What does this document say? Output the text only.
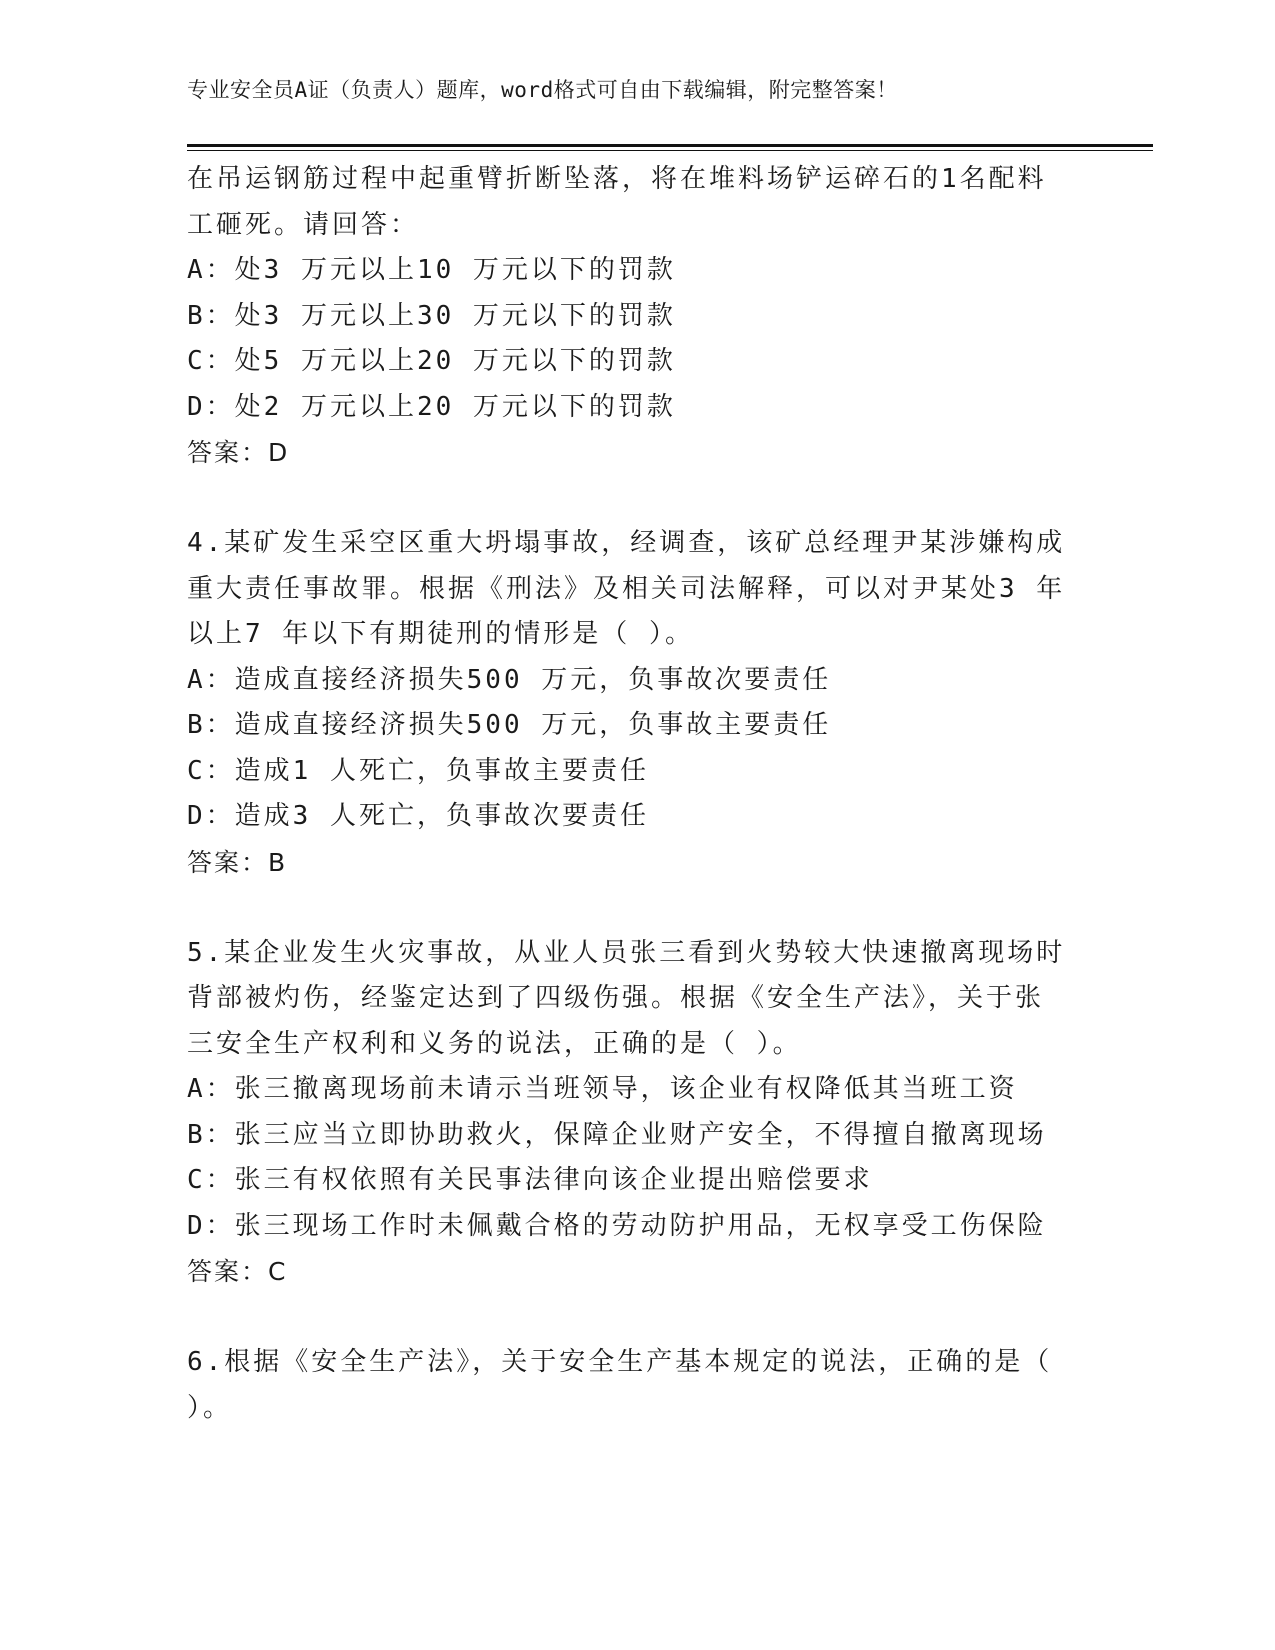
专业安全员A证（负责人）题库，word格式可自由下载编辑，附完整答案！
在吊运钢筋过程中起重臂折断坠落，将在堆料场铲运碎石的1名配料
工砸死。请回答：
A：处3 万元以上10 万元以下的罚款
B：处3 万元以上30 万元以下的罚款
C：处5 万元以上20 万元以下的罚款
D：处2 万元以上20 万元以下的罚款
答案：D
4.某矿发生采空区重大坍塌事故，经调查，该矿总经理尹某涉嫌构成
重大责任事故罪。根据《刑法》及相关司法解释，可以对尹某处3 年
以上7 年以下有期徒刑的情形是（ ）。
A：造成直接经济损失500 万元，负事故次要责任
B：造成直接经济损失500 万元，负事故主要责任
C：造成1 人死亡，负事故主要责任
D：造成3 人死亡，负事故次要责任
答案：B
5.某企业发生火灾事故，从业人员张三看到火势较大快速撤离现场时
背部被灼伤，经鉴定达到了四级伤强。根据《安全生产法》，关于张
三安全生产权利和义务的说法，正确的是（ ）。
A：张三撤离现场前未请示当班领导，该企业有权降低其当班工资
B：张三应当立即协助救火，保障企业财产安全，不得擅自撤离现场
C：张三有权依照有关民事法律向该企业提出赔偿要求
D：张三现场工作时未佩戴合格的劳动防护用品，无权享受工伤保险
答案：C
6.根据《安全生产法》，关于安全生产基本规定的说法，正确的是（
）。
